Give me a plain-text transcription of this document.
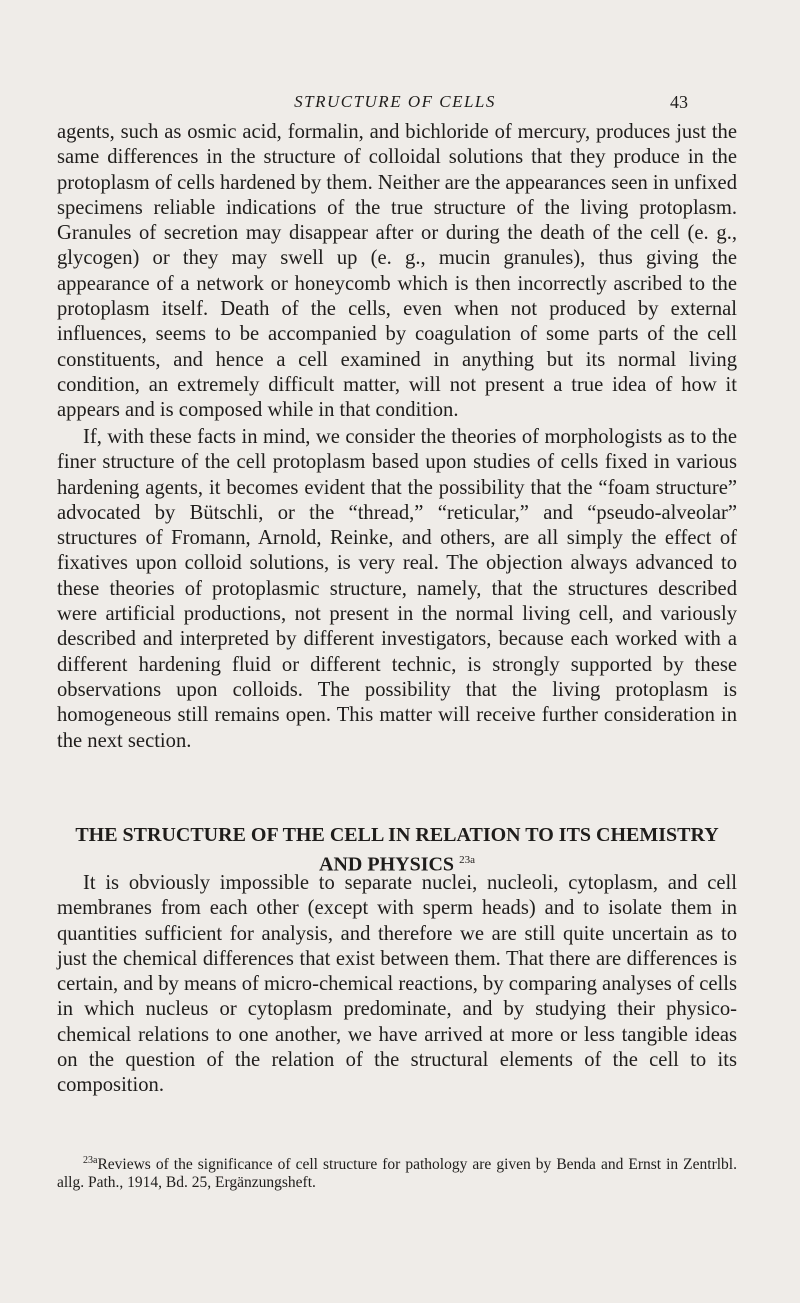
STRUCTURE OF CELLS	43

agents, such as osmic acid, formalin, and bichloride of mercury, produces just the same differences in the structure of colloidal solutions that they produce in the protoplasm of cells hardened by them. Neither are the appearances seen in unfixed specimens reliable indications of the true structure of the living protoplasm. Granules of secretion may disappear after or during the death of the cell (e. g., glycogen) or they may swell up (e. g., mucin granules), thus giving the appearance of a network or honeycomb which is then incorrectly ascribed to the protoplasm itself. Death of the cells, even when not produced by external influences, seems to be accompanied by coagulation of some parts of the cell constituents, and hence a cell examined in anything but its normal living condition, an extremely difficult matter, will not present a true idea of how it appears and is composed while in that condition.

If, with these facts in mind, we consider the theories of morphologists as to the finer structure of the cell protoplasm based upon studies of cells fixed in various hardening agents, it becomes evident that the possibility that the “foam structure” advocated by Bütschli, or the “thread,” “reticular,” and “pseudo-alveolar” structures of Fromann, Arnold, Reinke, and others, are all simply the effect of fixatives upon colloid solutions, is very real. The objection always advanced to these theories of protoplasmic structure, namely, that the structures described were artificial productions, not present in the normal living cell, and variously described and interpreted by different investigators, because each worked with a different hardening fluid or different technic, is strongly supported by these observations upon colloids. The possibility that the living protoplasm is homogeneous still remains open. This matter will receive further consideration in the next section.

THE STRUCTURE OF THE CELL IN RELATION TO ITS CHEMISTRY AND PHYSICS $^{23a}$

It is obviously impossible to separate nuclei, nucleoli, cytoplasm, and cell membranes from each other (except with sperm heads) and to isolate them in quantities sufficient for analysis, and therefore we are still quite uncertain as to just the chemical differences that exist between them. That there are differences is certain, and by means of micro-chemical reactions, by comparing analyses of cells in which nucleus or cytoplasm predominate, and by studying their physico-chemical relations to one another, we have arrived at more or less tangible ideas on the question of the relation of the structural elements of the cell to its composition.

$^{23a}$Reviews of the significance of cell structure for pathology are given by Benda and Ernst in Zentrlbl. allg. Path., 1914, Bd. 25, Ergänzungsheft.
